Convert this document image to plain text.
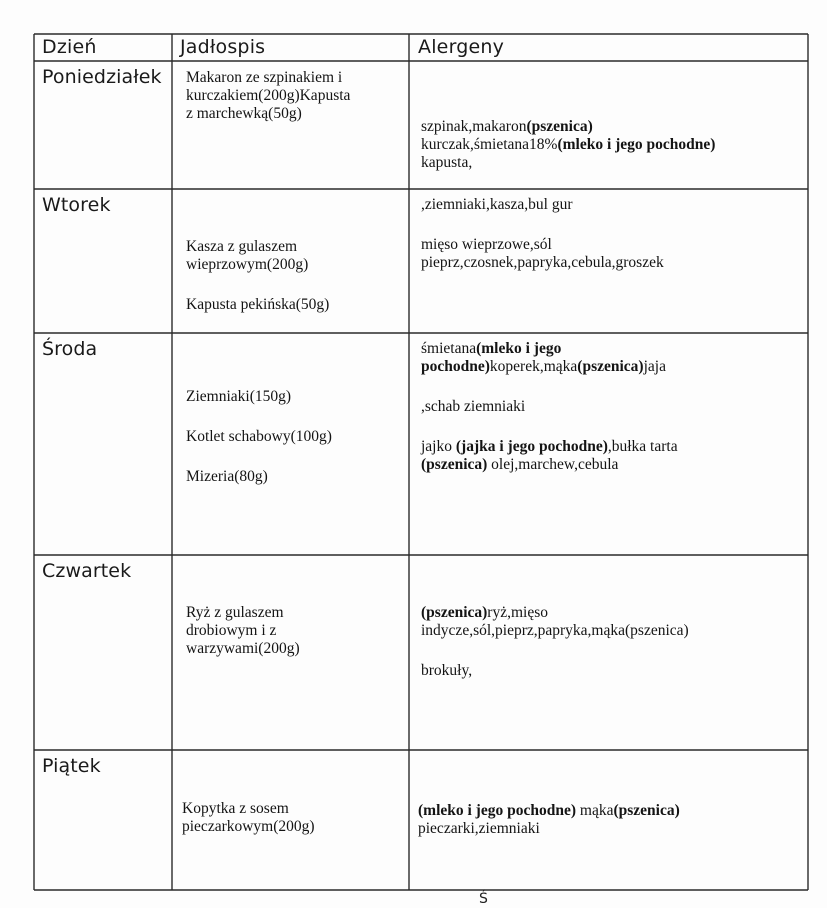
Dzień	Jadłospis	Alergeny
Poniedziałek Makaron ze szpinakiem i

kurczakiem(200g)Kapusta

z marchewką(50g)

szpinak,makaron(pszenica)

kurczak,śmietana18%(mleko i jego pochodne)

kapusta,

Wtorek

Kasza z gulaszem

wieprzowym(200g)

Kapusta pekińska(50g)

,ziemniaki,kasza,bul gur

mięso wieprzowe,sól

pieprz,czosnek,papryka,cebula,groszek

Środa

Ziemniaki(150g)

Kotlet schabowy(100g)

Mizeria(80g)

śmietana(mleko i jego

pochodne)koperek,mąka(pszenica)jaja

,schab ziemniaki

jajko (jajka i jego pochodne),bułka tarta

(pszenica) olej,marchew,cebula

Czwartek

Ryż z gulaszem

drobiowym i z

warzywami(200g)

(pszenica)ryż,mięso

indycze,sól,pieprz,papryka,mąka(pszenica)

brokuły,

Piątek

Kopytka z sosem

pieczarkowym(200g)

(mleko i jego pochodne) mąka(pszenica)

pieczarki,ziemniaki

Ś
